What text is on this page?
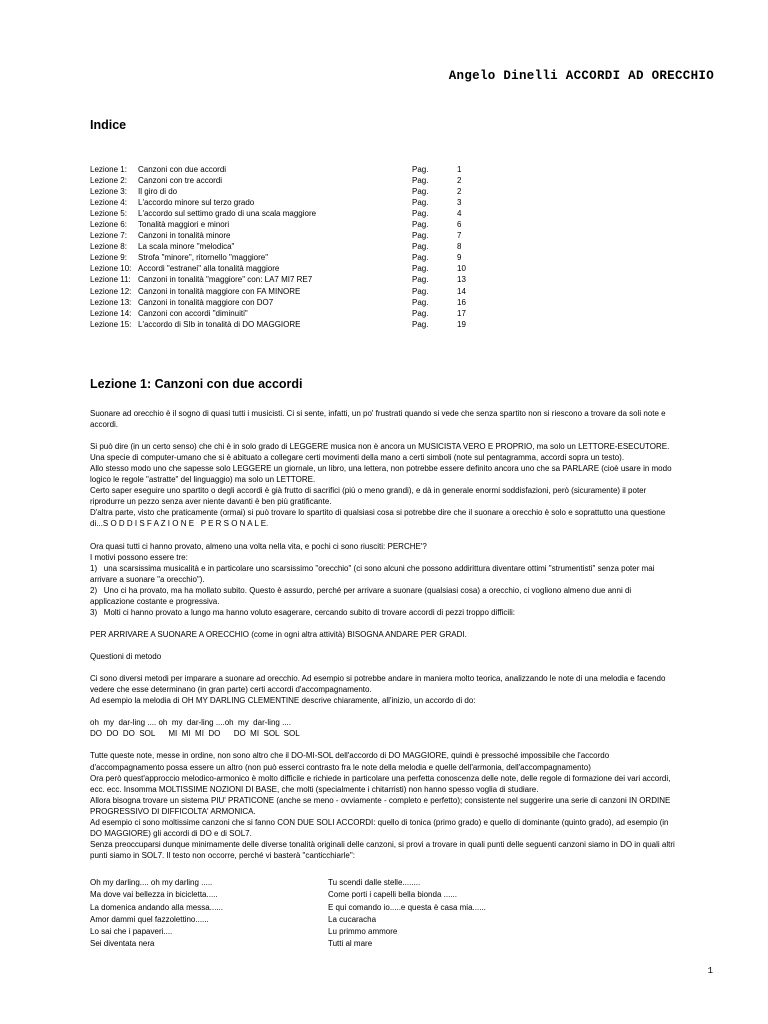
Angelo Dinelli ACCORDI AD ORECCHIO
Indice
Lezione 1: Canzoni con due accordi	Pag.	1
Lezione 2: Canzoni con tre accordi	Pag.	2
Lezione 3: Il giro di do	Pag.	2
Lezione 4: L'accordo minore sul terzo grado	Pag.	3
Lezione 5: L'accordo sul settimo grado di una scala maggiore	Pag.	4
Lezione 6: Tonalità maggiori e minori	Pag.	6
Lezione 7: Canzoni in tonalità minore	Pag.	7
Lezione 8: La scala minore "melodica"	Pag.	8
Lezione 9: Strofa "minore", ritornello "maggiore"	Pag.	9
Lezione 10: Accordi "estranei" alla tonalità maggiore	Pag.	10
Lezione 11: Canzoni in tonalità "maggiore" con: LA7 MI7 RE7	Pag.	13
Lezione 12: Canzoni in tonalità maggiore con FA MINORE	Pag.	14
Lezione 13: Canzoni in tonalità maggiore con DO7	Pag.	16
Lezione 14: Canzoni con accordi "diminuiti"	Pag.	17
Lezione 15: L'accordo di SIb in tonalità di DO MAGGIORE	Pag.	19
Lezione 1: Canzoni con due accordi

Suonare ad orecchio è il sogno di quasi tutti i musicisti. Ci si sente, infatti, un po' frustrati quando si vede che senza spartito non si riescono a trovare da soli note e
accordi.

Si può dire (in un certo senso) che chi è in solo grado di LEGGERE musica non è ancora un MUSICISTA VERO E PROPRIO, ma solo un LETTORE-ESECUTORE.
Una specie di computer-umano che si è abituato a collegare certi movimenti della mano a certi simboli (note sul pentagramma, accordi sopra un testo).
Allo stesso modo uno che sapesse solo LEGGERE un giornale, un libro, una lettera, non potrebbe essere definito ancora uno che sa PARLARE (cioè usare in modo
logico le regole "astratte" del linguaggio) ma solo un LETTORE.
Certo saper eseguire uno spartito o degli accordi è già frutto di sacrifici (più o meno grandi), e dà in generale enormi soddisfazioni, però (sicuramente) il poter
riprodurre un pezzo senza aver niente davanti è ben più gratificante.
D'altra parte, visto che praticamente (ormai) si può trovare lo spartito di qualsiasi cosa si potrebbe dire che il suonare a orecchio è solo e soprattutto una questione
di...S O D D I S F A Z I O N E   P E R S O N A L E.

Ora quasi tutti ci hanno provato, almeno una volta nella vita, e pochi ci sono riusciti: PERCHE'?
I motivi possono essere tre:
1)   una scarsissima musicalità e in particolare uno scarsissimo "orecchio" (ci sono alcuni che possono addirittura diventare ottimi "strumentisti" senza poter mai
arrivare a suonare "a orecchio").
2)   Uno ci ha provato, ma ha mollato subito. Questo è assurdo, perché per arrivare a suonare (qualsiasi cosa) a orecchio, ci vogliono almeno due anni di
applicazione costante e progressiva.
3)   Molti ci hanno provato a lungo ma hanno voluto esagerare, cercando subito di trovare accordi di pezzi troppo difficili:

PER ARRIVARE A SUONARE A ORECCHIO (come in ogni altra attività) BISOGNA ANDARE PER GRADI.

Questioni di metodo

Ci sono diversi metodi per imparare a suonare ad orecchio. Ad esempio si potrebbe andare in maniera molto teorica, analizzando le note di una melodia e facendo
vedere che esse determinano (in gran parte) certi accordi d'accompagnamento.
Ad esempio la melodia di OH MY DARLING CLEMENTINE descrive chiaramente, all'inizio, un accordo di do:

oh  my  dar-ling .... oh  my  dar-ling ....oh  my  dar-ling ....
DO  DO  DO  SOL      MI  MI  MI  DO      DO  MI  SOL  SOL

Tutte queste note, messe in ordine, non sono altro che il DO-MI-SOL dell'accordo di DO MAGGIORE, quindi è pressoché impossibile che l'accordo
d'accompagnamento possa essere un altro (non può esserci contrasto fra le note della melodia e quelle dell'armonia, dell'accompagnamento)
Ora però quest'approccio melodico-armonico è molto difficile e richiede in particolare una perfetta conoscenza delle note, delle regole di formazione dei vari accordi,
ecc. ecc. Insomma MOLTISSIME NOZIONI DI BASE, che molti (specialmente i chitarristi) non hanno spesso voglia di studiare.
Allora bisogna trovare un sistema PIU' PRATICONE (anche se meno - ovviamente - completo e perfetto); consistente nel suggerire una serie di canzoni IN ORDINE
PROGRESSIVO DI DIFFICOLTA' ARMONICA.
Ad esempio ci sono moltissime canzoni che si fanno CON DUE SOLI ACCORDI: quello di tonica (primo grado) e quello di dominante (quinto grado), ad esempio (in
DO MAGGIORE) gli accordi di DO e di SOL7.
Senza preoccuparsi dunque minimamente delle diverse tonalità originali delle canzoni, si provi a trovare in quali punti delle seguenti canzoni siamo in DO in quali altri
punti siamo in SOL7. Il testo non occorre, perché vi basterà "canticchiarle":

Oh my darling.... oh my darling .....	Tu scendi dalle stelle........
Ma dove vai bellezza in bicicletta.....	Come porti i capelli bella bionda ......
La domenica andando alla messa......	E qui comando io.....e questa è casa mia......
Amor dammi quel fazzolettino......	La cucaracha
Lo sai che i papaveri....	Lu primmo ammore
Sei diventata nera	Tutti al mare
1
